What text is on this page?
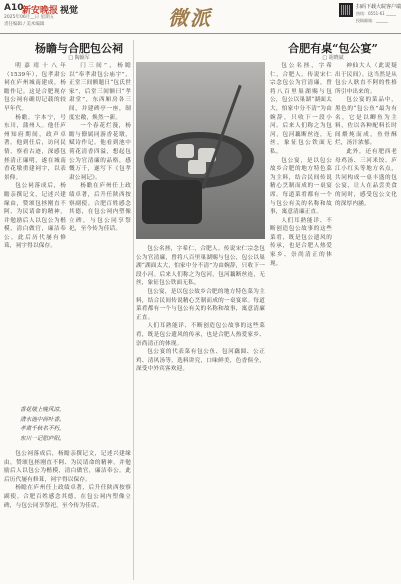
A10
新安晚报 视觉
2025年06月__日 星期五
责任编辑 / 美术编辑	微派	扫码下载大皖客户端
热线：0551-61 _____
投稿邮箱：______
杨瞻与合肥包公祠
□ 陶颖军

明嘉靖十八年（1539年），包孝肃公祠在庐州城南建成，杨瞻作记。这是合肥现存包公祠有确切记载的较早年代。

杨瞻，字本宁，号东川，蒲州人。他任庐州知府期间，政声卓著。他到任后，访问民情，察看古迹，深感包拯清正廉明，遂在城南香花墩重建祠宇，以表景仰。

包公祠落成后，杨瞻亲撰记文，记述兴建缘由，赞颂包拯刚直不阿、为民请命的精神，并勉励后人以包公为楷模，清白做官，廉洁奉公。此后历代屡有修葺，祠宇得以保存。

门三间”，杨瞻以“奉孝肃包公庙宇”，正堂三间额题日“包氏世家”，后堂三间额曰“孝肃堂”，东西厢房各三间，并建碑亭一座，制度宏敞，焕然一新。

一个春花烂漫，杨瞻与僚属同游香花墩，赋诗作记。他看到池中荷花清香四溢，想起包公为官清廉的品格，感慨万千，遂写下《包孝肃公祠记》。

杨瞻在庐州任上政绩卓著，后升任陕西按察副使。合肥百姓感念其德，在包公祠内塑像立碑，与包公同享祭祀，至今传为佳话。

香花墩上晚风凉，
清水池中荷叶香。
孝肃千秋名不朽，
东川一记慰庐阳。

包公祠落成后，杨瞻亲撰记文，记述兴建缘由，赞颂包拯刚直不阿、为民请命的精神，并勉励后人以包公为楷模，清白做官，廉洁奉公。此后历代屡有修葺，祠宇得以保存。

杨瞻在庐州任上政绩卓著，后升任陕西按察副使。合肥百姓感念其德，在包公祠内塑像立碑，与包公同享祭祀，至今传为佳话。

合肥有桌“包公宴”
□ 胡晓斌

包公名拯，字希仁，合肥人。传说宋仁宗念包公为官清廉，曾将八百里巢湖赐与包公，包公以巢湖“湖面太大，怕家中分不清”为由婉辞，只收下一段小河。后来人们称之为包河，包河藕断丝连，无丝，象征包公铁面无私。

包公宴，是以包公故乡合肥的地方特色菜为主料，结合民间传说精心烹制而成的一桌宴席。每道菜肴都有一个与包公有关的名称和故事，寓意清廉正直。

人们耳熟能详、不断创造包公故事的这些菜肴，既是包公遗风的传承，也是合肥人热爱家乡、崇尚清正的体现。

包公宴的代表菜有包公鱼、包河藕圆、公正鸡、清风汤等，选料讲究，口味鲜美，色香俱全，深受中外宾客欢迎。

包公名拯，字希仁，合肥人。传说宋仁宗念包公为官清廉，曾将八百里巢湖赐与包公，包公以巢湖“湖面太大，怕家中分不清”为由婉辞，只收下一段小河。后来人们称之为包河，包河藕断丝连，无丝，象征包公铁面无私。

包公宴，是以包公故乡合肥的地方特色菜为主料，结合民间传说精心烹制而成的一桌宴席。每道菜肴都有一个与包公有关的名称和故事，寓意清廉正直。

人们耳熟能详、不断创造包公故事的这些菜肴，既是包公遗风的传承，也是合肥人热爱家乡、崇尚清正的体现。

神仙大人（此说疑出于民间）。这当然是从包公人耿直不阿的性格所引申出来的。

包公宴的菜品中，黑色的“包公鱼”最为有名，它是以鲫鱼为主料，佐以各种配料长时间煨炖而成，鱼骨酥烂，汤汁浓郁。

此外，还有肥西老母鸡汤、三河米饺、庐江小红头等地方名点，共同构成一桌丰盛的包公宴，让人在品尝美食的同时，感受包公文化的深厚内涵。
